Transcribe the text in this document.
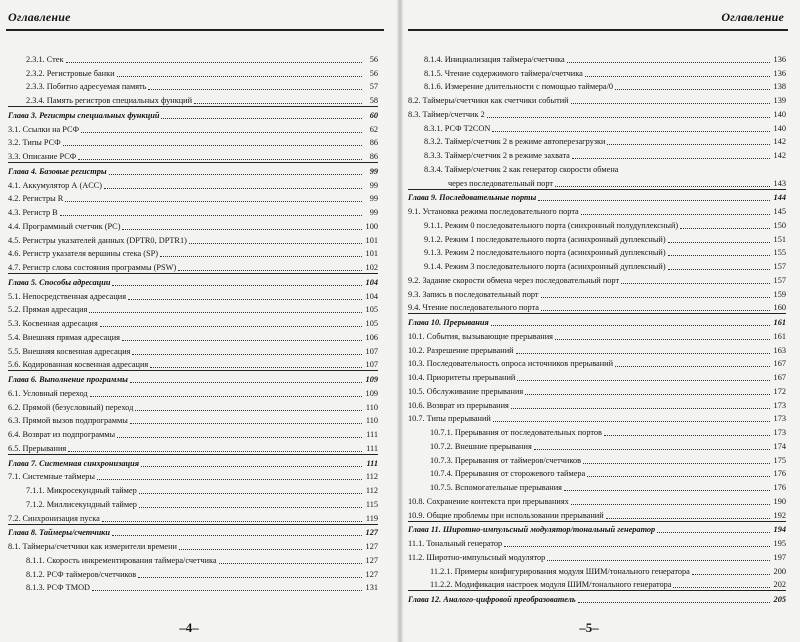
Оглавление
2.3.1. Стек	56
2.3.2. Регистровые банки	56
2.3.3. Побитно адресуемая память	57
2.3.4. Память регистров специальных функций	58
Глава 3. Регистры специальных функций	60
3.1. Ссылки на РСФ	62
3.2. Типы РСФ	86
3.3. Описание РСФ	86
Глава 4. Базовые регистры	99
4.1. Аккумулятор А (ACC)	99
4.2. Регистры R	99
4.3. Регистр В	99
4.4. Программный счетчик (PC)	100
4.5. Регистры указателей данных (DPTR0, DPTR1)	101
4.6. Регистр указателя вершины стека (SP)	101
4.7. Регистр слова состояния программы (PSW)	102
Глава 5. Способы адресации	104
5.1. Непосредственная адресация	104
5.2. Прямая адресация	105
5.3. Косвенная адресация	105
5.4. Внешняя прямая адресация	106
5.5. Внешняя косвенная адресация	107
5.6. Кодированная косвенная адресация	107
Глава 6. Выполнение программы	109
6.1. Условный переход	109
6.2. Прямой (безусловный) переход	110
6.3. Прямой вызов подпрограммы	110
6.4. Возврат из подпрограммы	111
6.5. Прерывания	111
Глава 7. Системная синхронизация	111
7.1. Системные таймеры	112
7.1.1. Микросекундный таймер	112
7.1.2. Миллисекундный таймер	115
7.2. Синхронизация пуска	119
Глава 8. Таймеры/счетчики	127
8.1. Таймеры/счетчики как измерители времени	127
8.1.1. Скорость инкрементирования таймера/счетчика	127
8.1.2. РСФ таймеров/счетчиков	127
8.1.3. РСФ TMOD	131
–4–
Оглавление
8.1.4. Инициализация таймера/счетчика	136
8.1.5. Чтение содержимого таймера/счетчика	136
8.1.6. Измерение длительности с помощью таймера/0	138
8.2. Таймеры/счетчики как счетчики событий	139
8.3. Таймер/счетчик 2	140
8.3.1. РСФ T2CON	140
8.3.2. Таймер/счетчик 2 в режиме автоперезагрузки	142
8.3.3. Таймер/счетчик 2 в режиме захвата	142
8.3.4. Таймер/счетчик 2 как генератор скорости обмена
через последовательный порт	143
Глава 9. Последовательные порты	144
9.1. Установка режима последовательного порта	145
9.1.1. Режим 0 последовательного порта (синхронный полудуплексный)	150
9.1.2. Режим 1 последовательного порта (асинхронный дуплексный)	151
9.1.3. Режим 2 последовательного порта (асинхронный дуплексный)	155
9.1.4. Режим 3 последовательного порта (асинхронный дуплексный)	157
9.2. Задание скорости обмена через последовательный порт	157
9.3. Запись в последовательный порт	159
9.4. Чтение последовательного порта	160
Глава 10. Прерывания	161
10.1. События, вызывающие прерывания	161
10.2. Разрешение прерываний	163
10.3. Последовательность опроса источников прерываний	167
10.4. Приоритеты прерываний	167
10.5. Обслуживание прерывания	172
10.6. Возврат из прерывания	173
10.7. Типы прерываний	173
10.7.1. Прерывания от последовательных портов	173
10.7.2. Внешние прерывания	174
10.7.3. Прерывания от таймеров/счетчиков	175
10.7.4. Прерывания от сторожевого таймера	176
10.7.5. Вспомогательные прерывания	176
10.8. Сохранение контекста при прерываниях	190
10.9. Общие проблемы при использовании прерываний	192
Глава 11. Широтно-импульсный модулятор/тональный генератор	194
11.1. Тональный генератор	195
11.2. Широтно-импульсный модулятор	197
11.2.1. Примеры конфигурирования модуля ШИМ/тонального генератора	200
11.2.2. Модификация настроек модуля ШИМ/тонального генератора	202
Глава 12. Аналого-цифровой преобразователь	205
–5–
